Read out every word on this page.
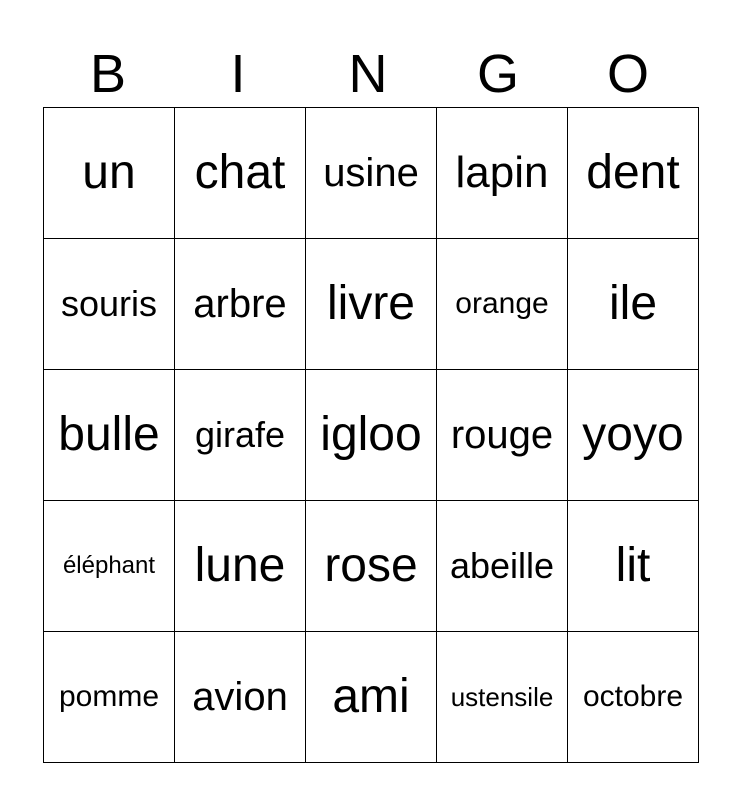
B	I	N	G	O
un	chat	usine	lapin	dent
souris	arbre	livre	orange	ile
bulle	girafe	igloo	rouge	yoyo
éléphant	lune	rose	abeille	lit
pomme	avion	ami	ustensile	octobre
